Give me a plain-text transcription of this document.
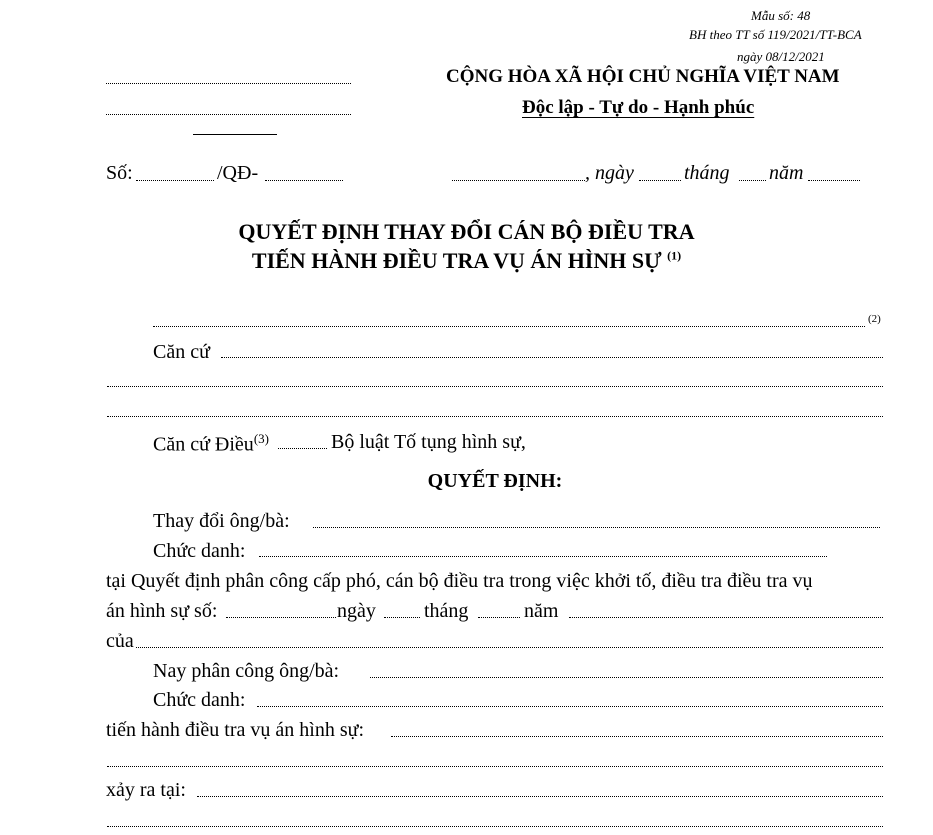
Mẫu số: 48
BH theo TT số 119/2021/TT-BCA
ngày 08/12/2021
CỘNG HÒA XÃ HỘI CHỦ NGHĨA VIỆT NAM
Độc lập - Tự do - Hạnh phúc
Số:	/QĐ-	, ngày	tháng năm
QUYẾT ĐỊNH THAY ĐỔI CÁN BỘ ĐIỀU TRA
TIẾN HÀNH ĐIỀU TRA VỤ ÁN HÌNH SỰ $^{(1)}$
(2)
Căn cứ
Căn cứ Điều$^{(3)}$	Bộ luật Tố tụng hình sự,
QUYẾT ĐỊNH:
Thay đổi ông/bà:
Chức danh:
tại Quyết định phân công cấp phó, cán bộ điều tra trong việc khởi tố, điều tra điều tra vụ
án hình sự số:	ngày tháng	năm
của
Nay phân công ông/bà:
Chức danh:
tiến hành điều tra vụ án hình sự:
xảy ra tại:
